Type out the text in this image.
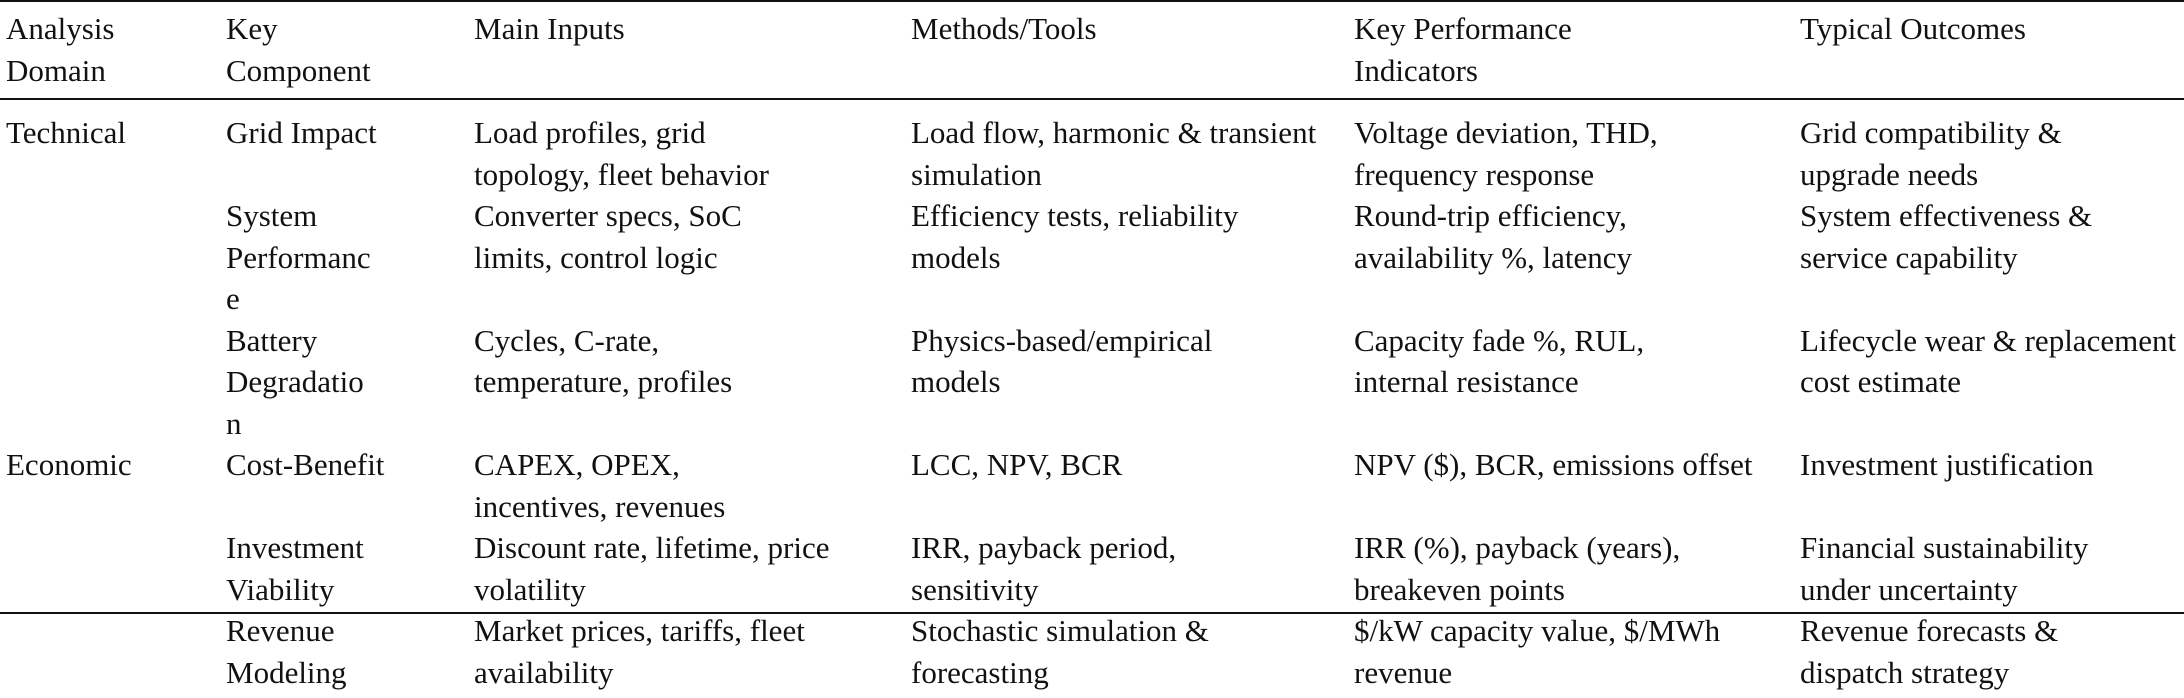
Analysis Domain	Key Component	Main Inputs	Methods/Tools	Key Performance Indicators	Typical Outcomes

Technical	Grid Impact	Load profiles, grid topology, fleet behavior	Load flow, harmonic & transient simulation	Voltage deviation, THD, frequency response	Grid compatibility & upgrade needs

	System Performance	Converter specs, SoC limits, control logic	Efficiency tests, reliability models	Round-trip efficiency, availability %, latency	System effectiveness & service capability

	Battery Degradation	Cycles, C-rate, temperature, profiles	Physics-based/empirical models	Capacity fade %, RUL, internal resistance	Lifecycle wear & replacement cost estimate

Economic	Cost-Benefit	CAPEX, OPEX, incentives, revenues	LCC, NPV, BCR	NPV ($), BCR, emissions offset	Investment justification

	Investment Viability	Discount rate, lifetime, price volatility	IRR, payback period, sensitivity	IRR (%), payback (years), breakeven points	Financial sustainability under uncertainty

	Revenue Modeling	Market prices, tariffs, fleet availability	Stochastic simulation & forecasting	$/kW capacity value, $/MWh revenue	Revenue forecasts & dispatch strategy
